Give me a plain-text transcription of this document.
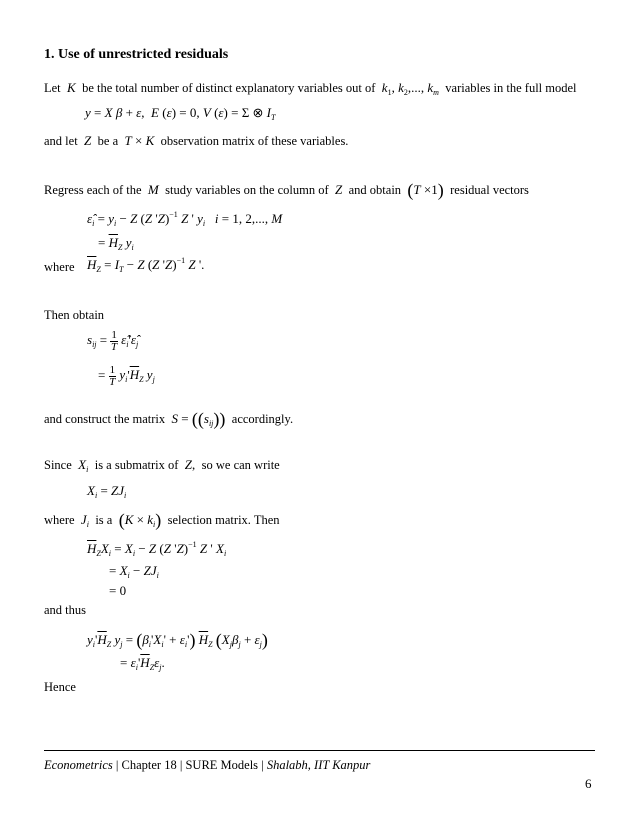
1. Use of unrestricted residuals
Let  K  be the total number of distinct explanatory variables out of $k_1$, $k_2$,..., $k_m$ variables in the full model
y = X β + ε,  E (ε) = 0, V (ε) = Σ ⊗ $I_T$
and let  Z  be a T × K observation matrix of these variables.
Regress each of the  M  study variables on the column of  Z  and obtain (T ×1) residual vectors
$\varepsilon̂_i = y_i - Z$ (Z 'Z)$^{-1}$ Z ' $y_i$ i = 1, 2,..., M
= $\overline{H}_Z$ $y_i$
where $\overline{H}_Z = I_T - Z$ (Z 'Z)$^{-1}$ Z '.
Then obtain
$s_{ij} = \frac{1}{T}$ $\varepsilon̂_i'\varepsilon̂_j$
= $\frac{1}{T} y_i'\overline{H}_Z$ $y_j$
and construct the matrix $S = ((s_{ij}))$ accordingly.
Since $X_i$ is a submatrix of Z,  so we can write
$X_i = ZJ_i$
where $J_i$ is a $(K \times k_i)$ selection matrix. Then
$\overline{H}_ZX_i = X_i - Z$ (Z 'Z)$^{-1}$ Z ' $X_i$
= $X_i - ZJ_i$
= 0
and thus
$y_i'\overline{H}_Z$ $y_j = (\beta_i'X_i' + \varepsilon_i')$ $\overline{H}_Z$ $(X_j\beta_j + \varepsilon_j)$
= $\varepsilon_i'\overline{H}_Z\varepsilon_j$.
Hence
Econometrics | Chapter 18 | SURE Models | Shalabh, IIT Kanpur
6
